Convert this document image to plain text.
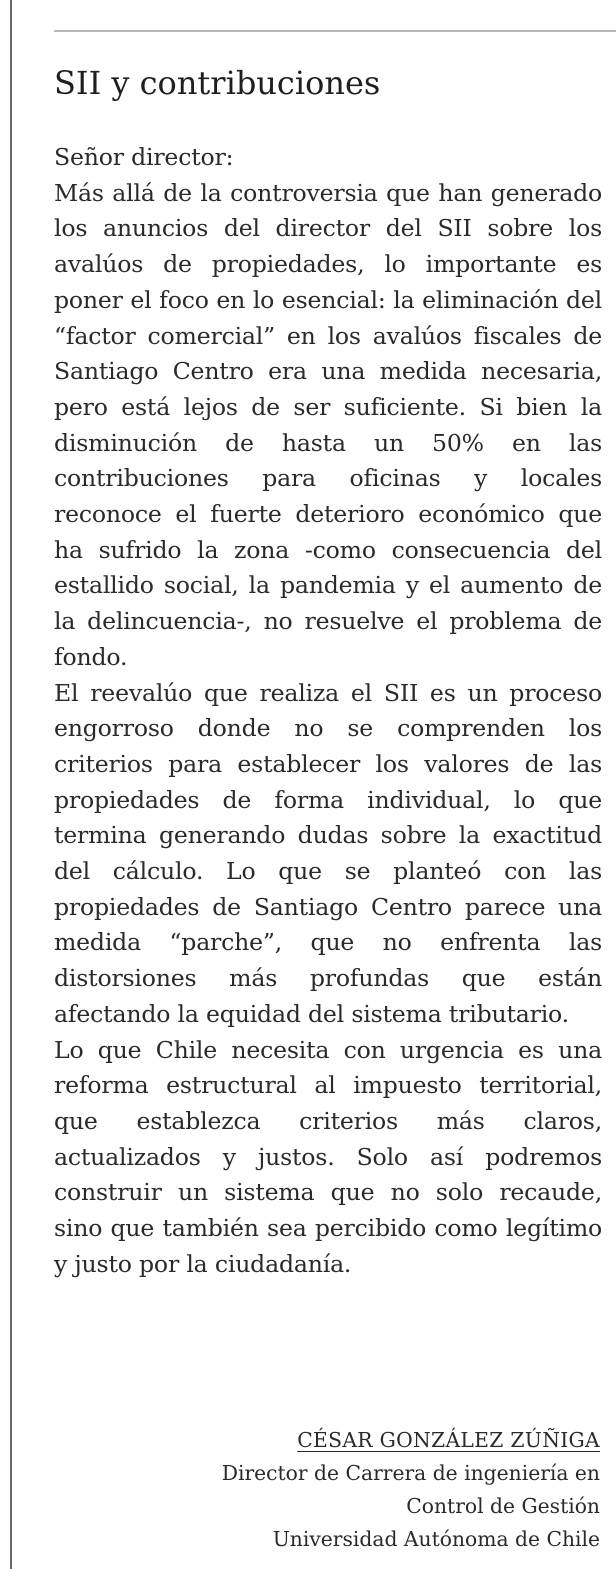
SII y contribuciones

Señor director:

Más allá de la controversia que han generado los anuncios del director del SII sobre los avalúos de propiedades, lo importante es poner el foco en lo esencial: la eliminación del “factor comercial” en los avalúos fiscales de Santiago Centro era una medida necesaria, pero está lejos de ser suficiente. Si bien la disminución de hasta un 50% en las contribuciones para oficinas y locales reconoce el fuerte deterioro económico que ha sufrido la zona -como consecuencia del estallido social, la pandemia y el aumento de la delincuencia-, no resuelve el problema de fondo.

El reevalúo que realiza el SII es un proceso engorroso donde no se comprenden los criterios para establecer los valores de las propiedades de forma individual, lo que termina generando dudas sobre la exactitud del cálculo. Lo que se planteó con las propiedades de Santiago Centro parece una medida “parche”, que no enfrenta las distorsiones más profundas que están afectando la equidad del sistema tributario.

Lo que Chile necesita con urgencia es una reforma estructural al impuesto territorial, que establezca criterios más claros, actualizados y justos. Solo así podremos construir un sistema que no solo recaude, sino que también sea percibido como legítimo y justo por la ciudadanía.

CÉSAR GONZÁLEZ ZÚÑIGA
Director de Carrera de ingeniería en
Control de Gestión
Universidad Autónoma de Chile
